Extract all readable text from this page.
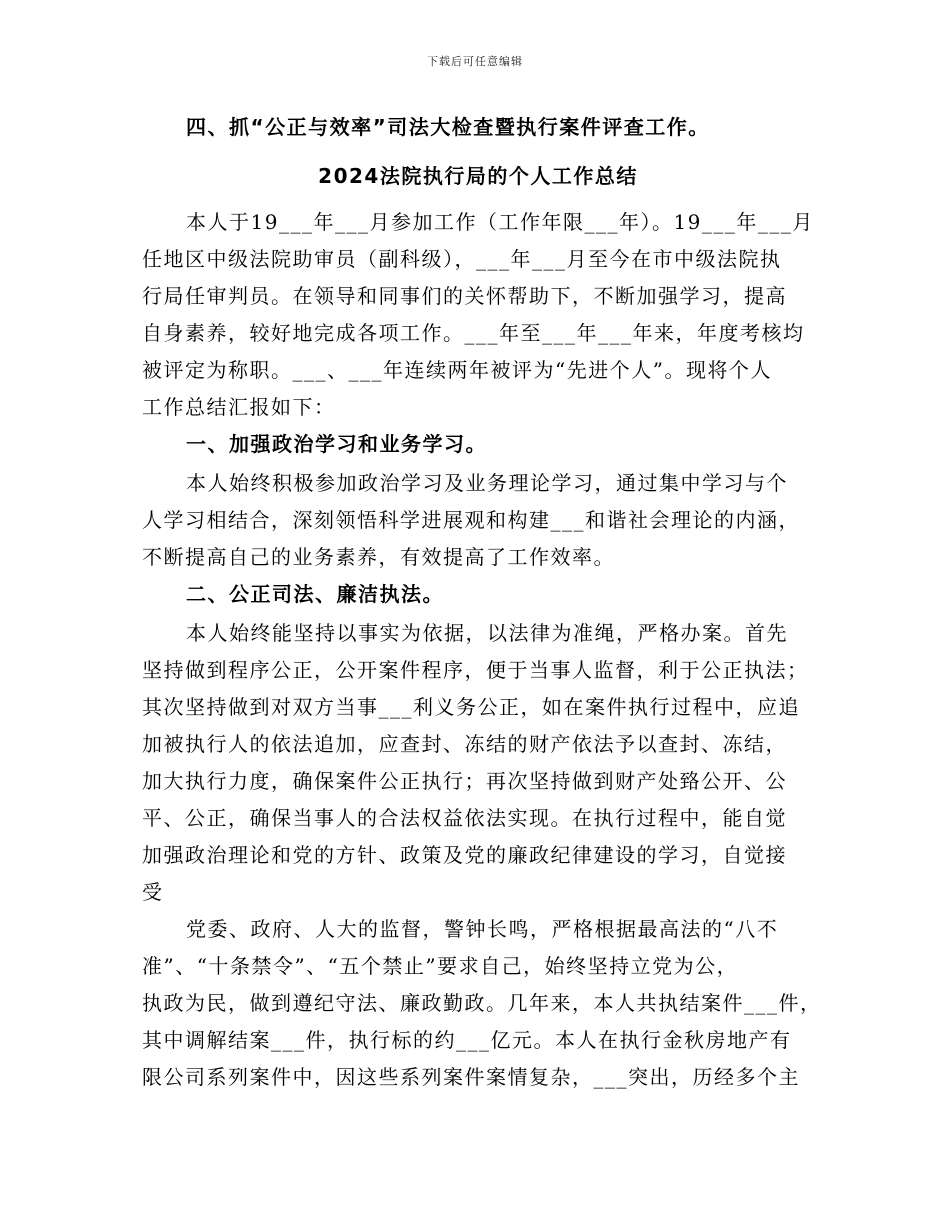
下载后可任意编辑
四、抓“公正与效率”司法大检查暨执行案件评查工作。
2024法院执行局的个人工作总结
本人于19___年___月参加工作（工作年限___年）。19___年___月
任地区中级法院助审员（副科级），___年___月至今在市中级法院执
行局任审判员。在领导和同事们的关怀帮助下，不断加强学习，提高
自身素养，较好地完成各项工作。___年至___年___年来，年度考核均
被评定为称职。___、___年连续两年被评为“先进个人”。现将个人
工作总结汇报如下：
一、加强政治学习和业务学习。
本人始终积极参加政治学习及业务理论学习，通过集中学习与个
人学习相结合，深刻领悟科学进展观和构建___和谐社会理论的内涵，
不断提高自己的业务素养，有效提高了工作效率。
二、公正司法、廉洁执法。
本人始终能坚持以事实为依据，以法律为准绳，严格办案。首先
坚持做到程序公正，公开案件程序，便于当事人监督，利于公正执法；
其次坚持做到对双方当事___利义务公正，如在案件执行过程中，应追
加被执行人的依法追加，应查封、冻结的财产依法予以查封、冻结，
加大执行力度，确保案件公正执行；再次坚持做到财产处臵公开、公
平、公正，确保当事人的合法权益依法实现。在执行过程中，能自觉
加强政治理论和党的方针、政策及党的廉政纪律建设的学习，自觉接
受
党委、政府、人大的监督，警钟长鸣，严格根据最高法的“八不
准”、“十条禁令”、“五个禁止”要求自己，始终坚持立党为公，
执政为民，做到遵纪守法、廉政勤政。几年来，本人共执结案件___件，
其中调解结案___件，执行标的约___亿元。本人在执行金秋房地产有
限公司系列案件中，因这些系列案件案情复杂，___突出，历经多个主
